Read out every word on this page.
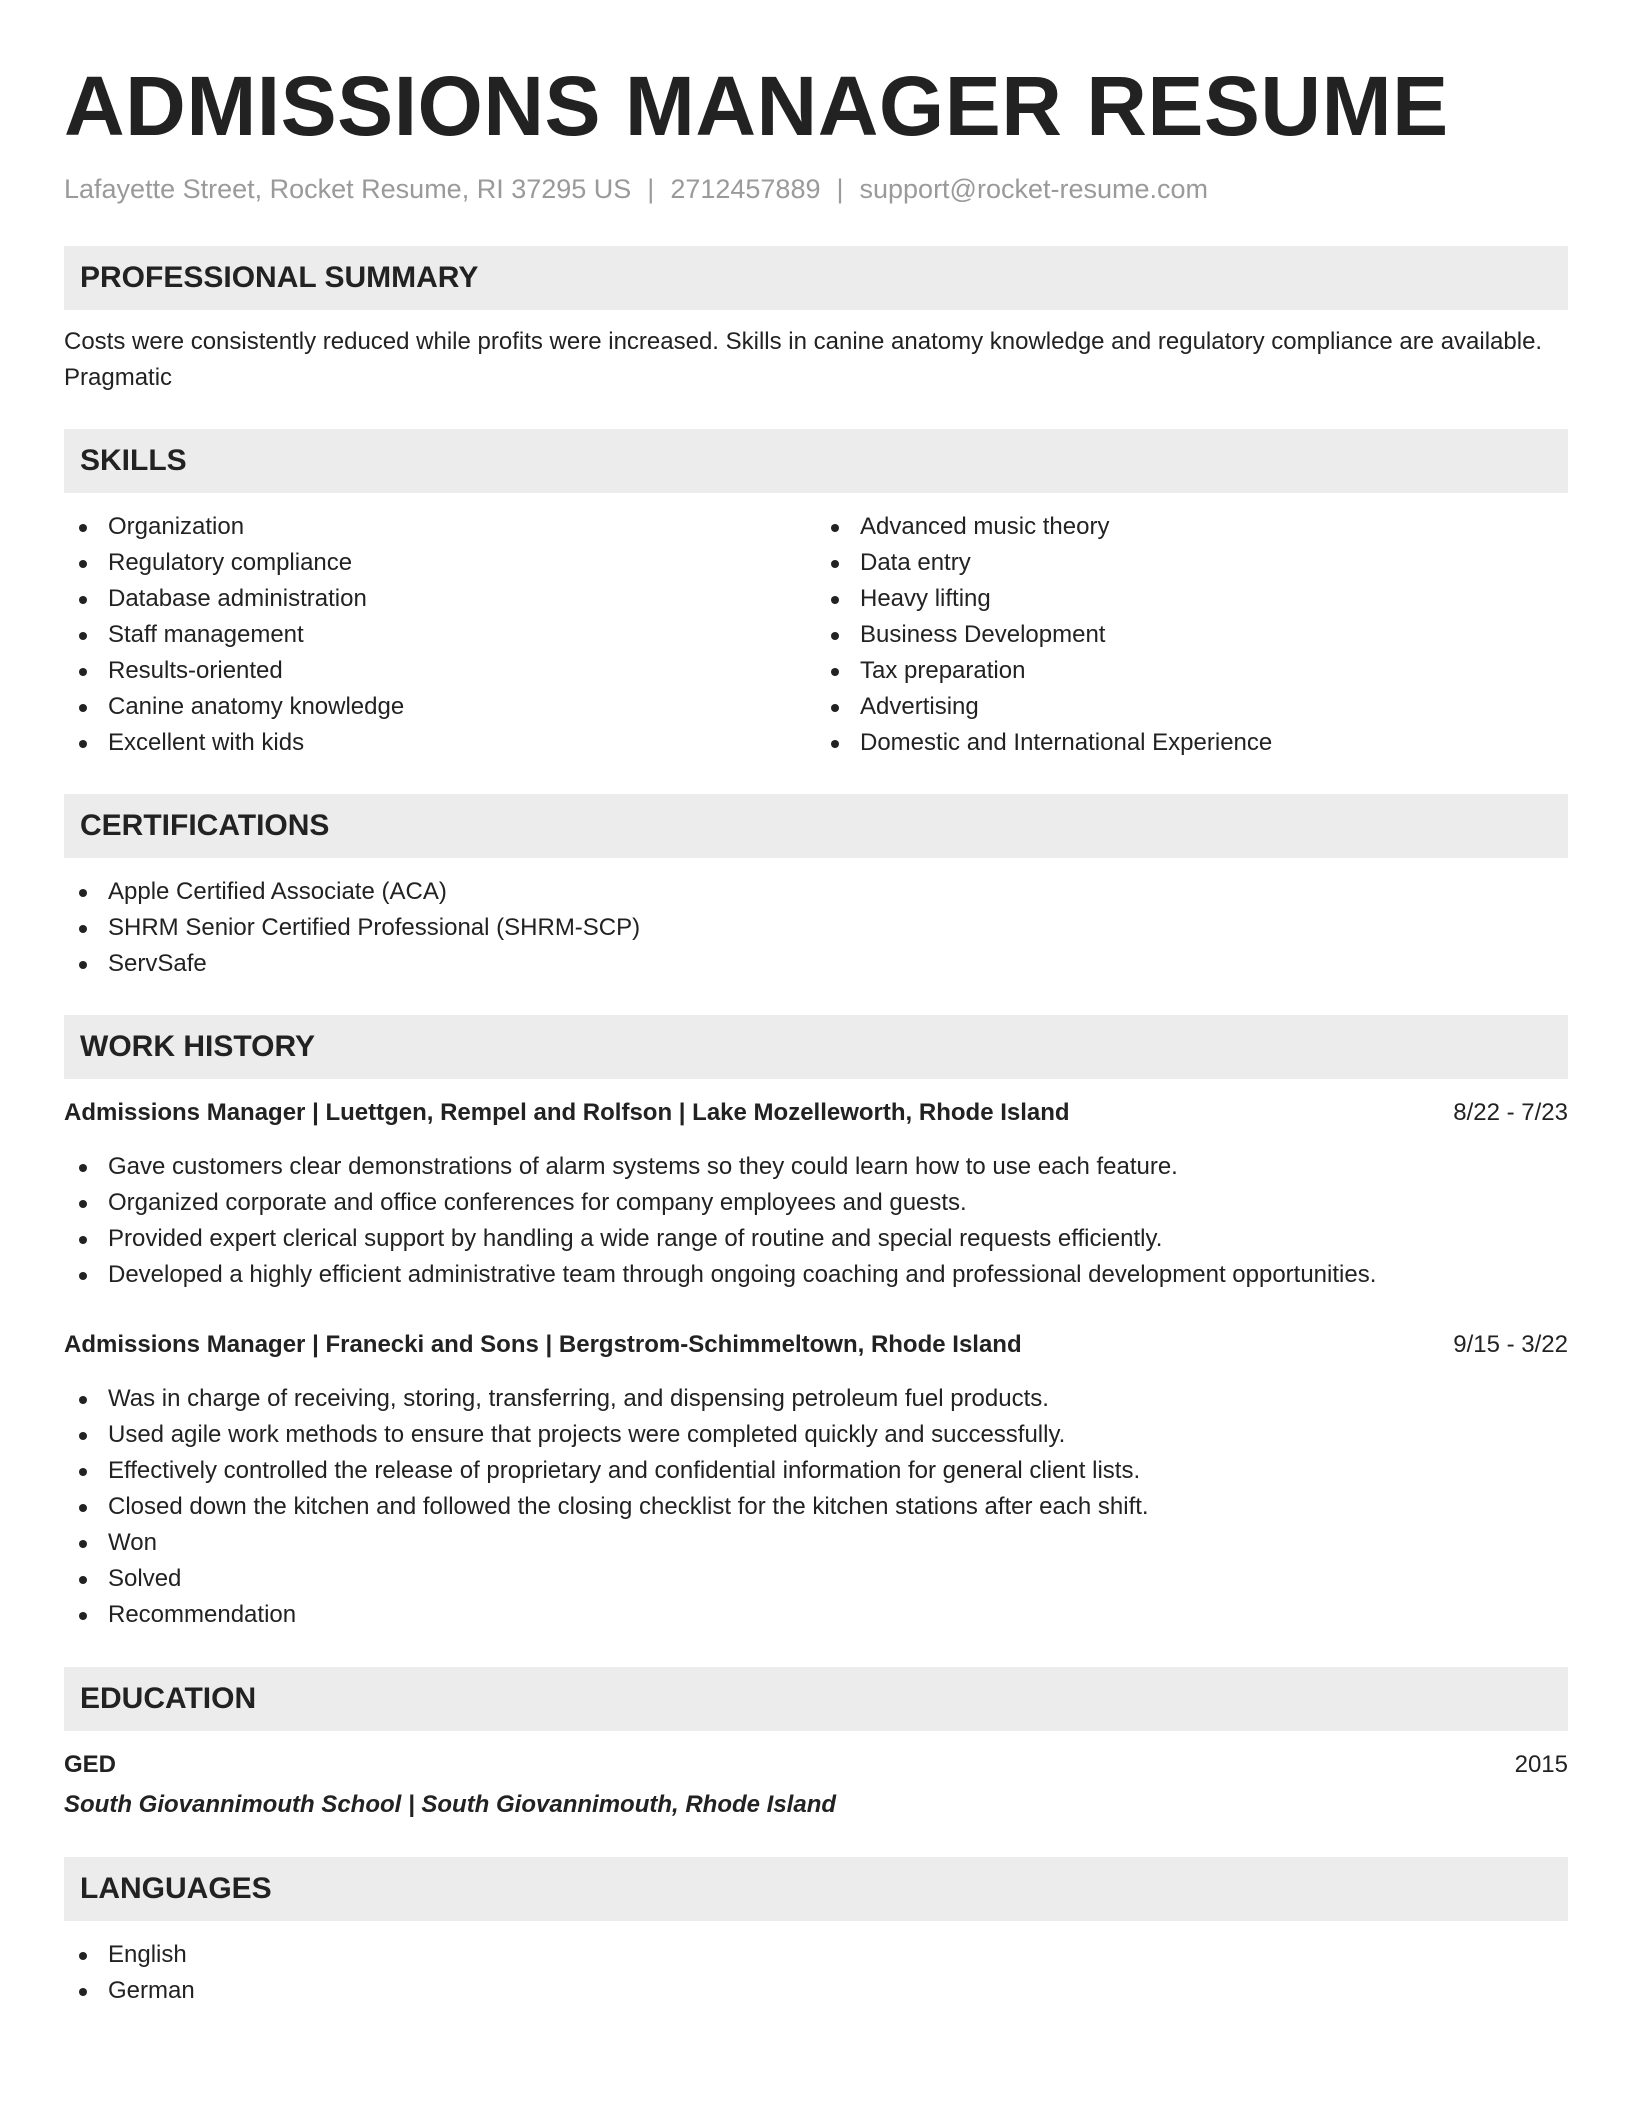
ADMISSIONS MANAGER RESUME
Lafayette Street, Rocket Resume, RI 37295 US | 2712457889 | support@rocket-resume.com
PROFESSIONAL SUMMARY
Costs were consistently reduced while profits were increased. Skills in canine anatomy knowledge and regulatory compliance are available. Pragmatic
SKILLS
Organization
Regulatory compliance
Database administration
Staff management
Results-oriented
Canine anatomy knowledge
Excellent with kids
Advanced music theory
Data entry
Heavy lifting
Business Development
Tax preparation
Advertising
Domestic and International Experience
CERTIFICATIONS
Apple Certified Associate (ACA)
SHRM Senior Certified Professional (SHRM-SCP)
ServSafe
WORK HISTORY
Admissions Manager | Luettgen, Rempel and Rolfson | Lake Mozelleworth, Rhode Island	8/22 - 7/23
Gave customers clear demonstrations of alarm systems so they could learn how to use each feature.
Organized corporate and office conferences for company employees and guests.
Provided expert clerical support by handling a wide range of routine and special requests efficiently.
Developed a highly efficient administrative team through ongoing coaching and professional development opportunities.
Admissions Manager | Franecki and Sons | Bergstrom-Schimmeltown, Rhode Island	9/15 - 3/22
Was in charge of receiving, storing, transferring, and dispensing petroleum fuel products.
Used agile work methods to ensure that projects were completed quickly and successfully.
Effectively controlled the release of proprietary and confidential information for general client lists.
Closed down the kitchen and followed the closing checklist for the kitchen stations after each shift.
Won
Solved
Recommendation
EDUCATION
GED	2015
South Giovannimouth School | South Giovannimouth, Rhode Island
LANGUAGES
English
German
